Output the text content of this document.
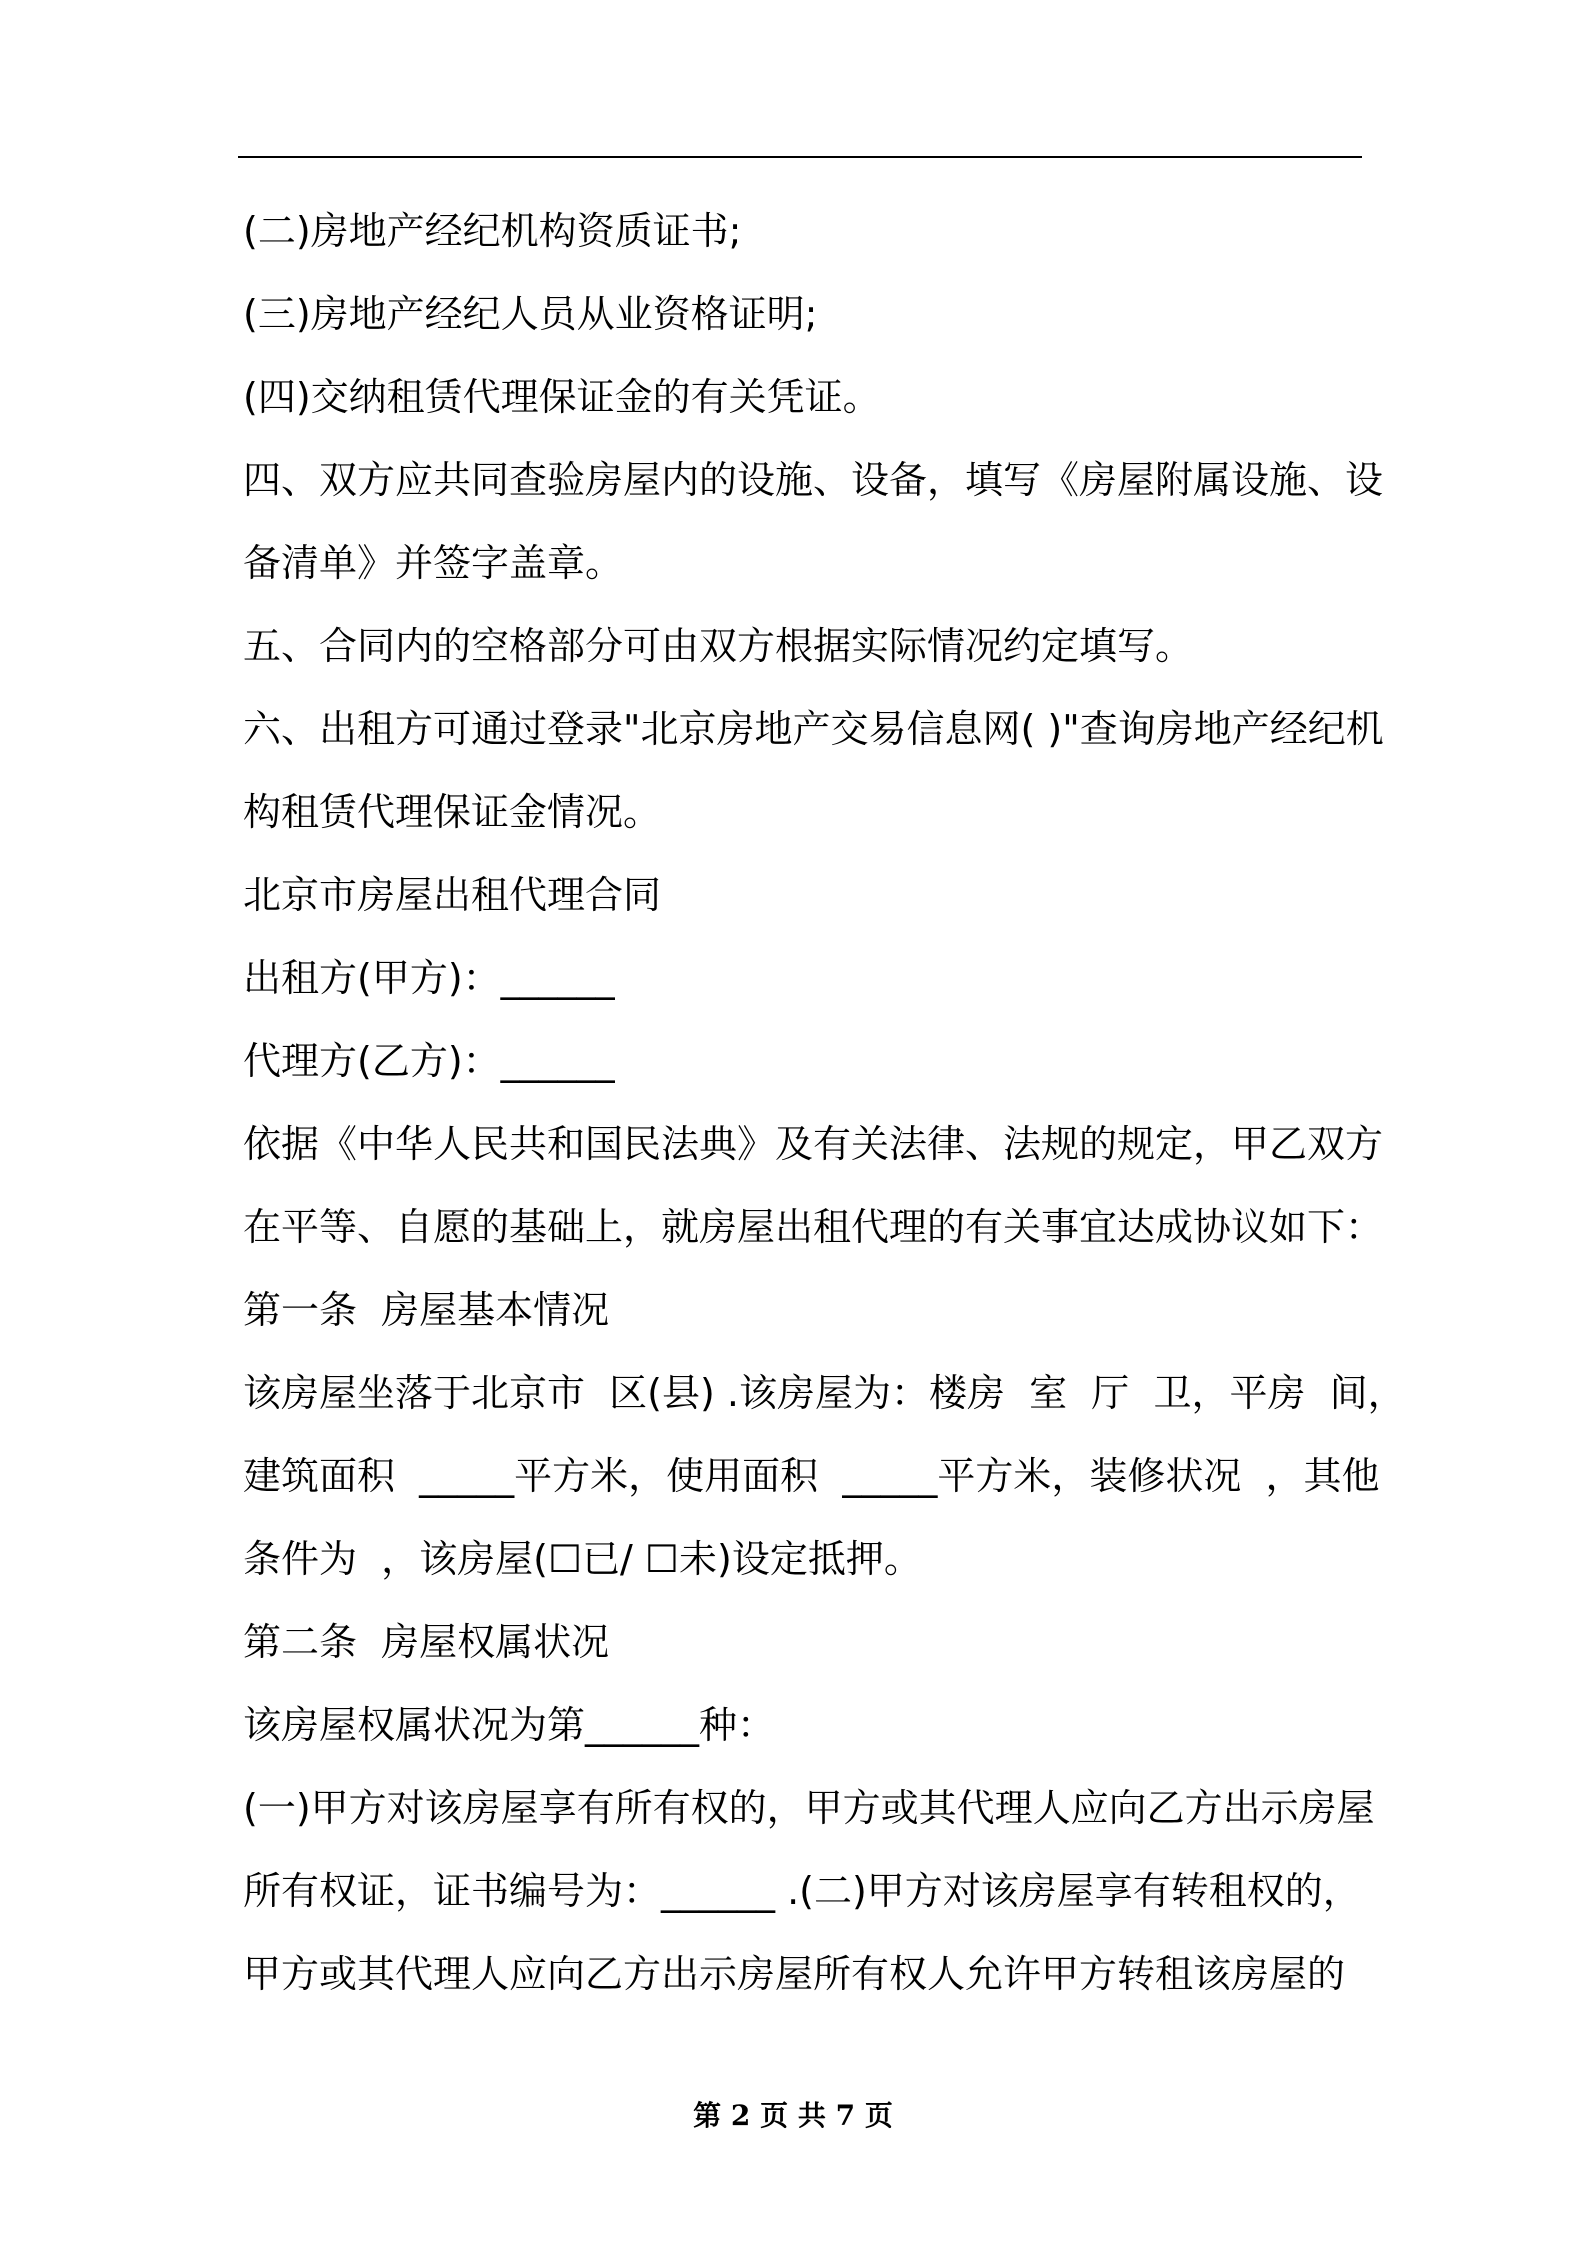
(二)房地产经纪机构资质证书;
(三)房地产经纪人员从业资格证明;
(四)交纳租赁代理保证金的有关凭证。
四、双方应共同查验房屋内的设施、设备，填写《房屋附属设施、设
备清单》并签字盖章。
五、合同内的空格部分可由双方根据实际情况约定填写。
六、出租方可通过登录"北京房地产交易信息网( )"查询房地产经纪机
构租赁代理保证金情况。
北京市房屋出租代理合同
出租方(甲方)：______
代理方(乙方)：______
依据《中华人民共和国民法典》及有关法律、法规的规定，甲乙双方
在平等、自愿的基础上，就房屋出租代理的有关事宜达成协议如下：
第一条  房屋基本情况
该房屋坐落于北京市  区(县) .该房屋为：楼房  室  厅  卫，平房  间，
建筑面积  _____平方米，使用面积  _____平方米，装修状况  ，其他
条件为  ，该房屋(☐已/ ☐未)设定抵押。
第二条  房屋权属状况
该房屋权属状况为第______种：
(一)甲方对该房屋享有所有权的，甲方或其代理人应向乙方出示房屋
所有权证，证书编号为：______ .(二)甲方对该房屋享有转租权的，
甲方或其代理人应向乙方出示房屋所有权人允许甲方转租该房屋的
第 2 页 共 7 页
